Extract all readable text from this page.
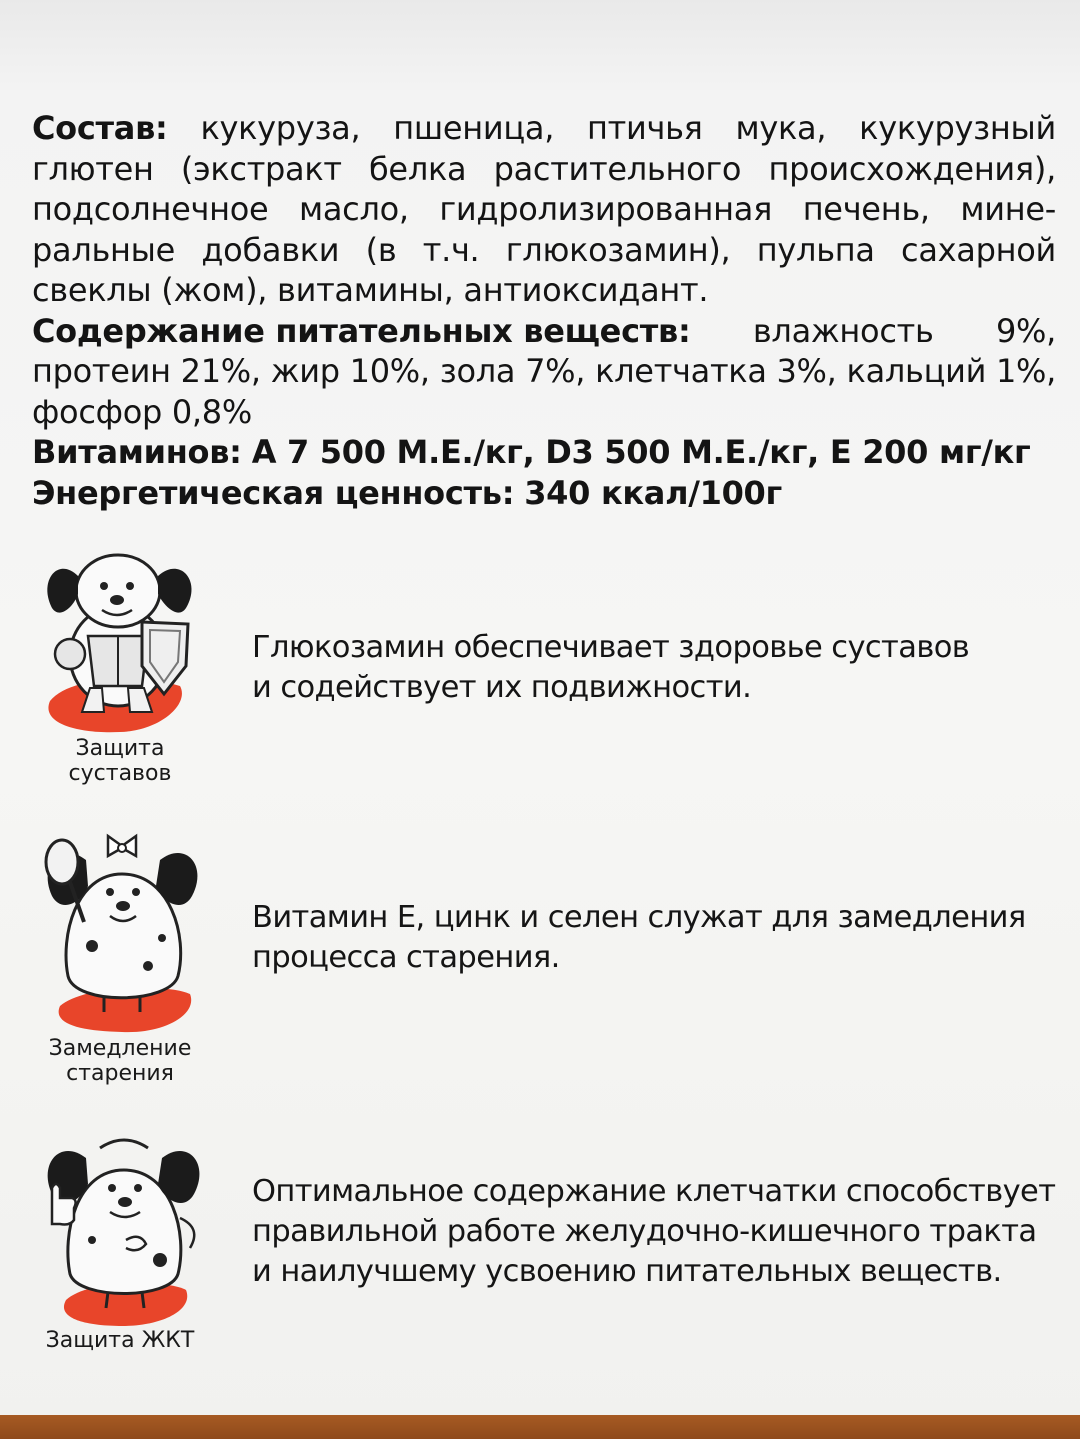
Состав: кукуруза, пшеница, птичья мука, кукурузный
глютен (экстракт белка растительного происхождения),
подсолнечное масло, гидролизированная печень, мине-
ральные добавки (в т.ч. глюкозамин), пульпа сахарной
свеклы (жом), витамины, антиоксидант.
Содержание питательных веществ: влажность 9%,
протеин 21%, жир 10%, зола 7%, клетчатка 3%, кальций 1%,
фосфор 0,8%
Витаминов: А 7 500 М.Е./кг, D3 500 М.Е./кг, Е 200 мг/кг
Энергетическая ценность: 340 ккал/100г
Защита
суставов
Глюкозамин обеспечивает здоровье суставов
и содействует их подвижности.
Замедление
старения
Витамин Е, цинк и селен служат для замедления
процесса старения.
Защита ЖКТ
Оптимальное содержание клетчатки способствует
правильной работе желудочно-кишечного тракта
и наилучшему усвоению питательных веществ.
